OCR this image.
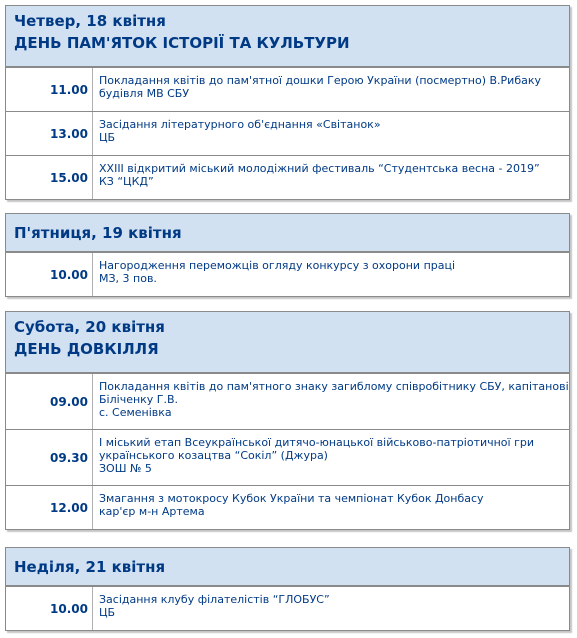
Четвер, 18 квітня
ДЕНЬ ПАМ'ЯТОК ІСТОРІЇ ТА КУЛЬТУРИ
11.00
Покладання квітів до пам'ятної дошки Герою України (посмертно) В.Рибаку
будівля МВ СБУ
13.00
Засідання літературного об'єднання «Світанок»
ЦБ
15.00
ХXIII відкритий міський молодіжний фестиваль “Студентська весна - 2019”
КЗ “ЦКД”
П'ятниця, 19 квітня
10.00
Нагородження переможців огляду конкурсу з охорони праці
МЗ, 3 пов.
Субота, 20 квітня
ДЕНЬ ДОВКІЛЛЯ
09.00
Покладання квітів до пам'ятного знаку загиблому співробітнику СБУ, капітанові
Біліченку Г.В.
с. Семенівка
09.30
І міський етап Всеукраїнської дитячо-юнацької військово-патріотичної гри
українського козацтва “Сокіл” (Джура)
ЗОШ № 5
12.00
Змагання з мотокросу Кубок України та чемпіонат Кубок Донбасу
кар'єр м-н Артема
Неділя, 21 квітня
10.00
Засідання клубу філателістів “ГЛОБУС”
ЦБ
